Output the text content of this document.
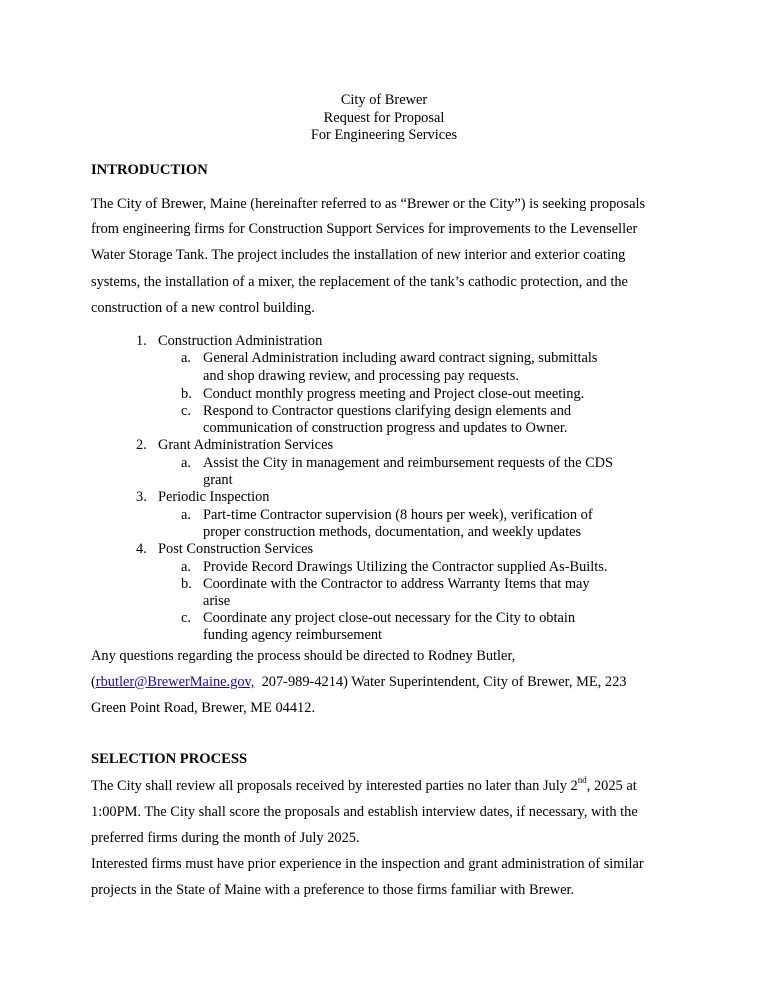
City of Brewer
Request for Proposal
For Engineering Services
INTRODUCTION
The City of Brewer, Maine (hereinafter referred to as “Brewer or the City”) is seeking proposals
from engineering firms for Construction Support Services for improvements to the Levenseller
Water Storage Tank. The project includes the installation of new interior and exterior coating
systems, the installation of a mixer, the replacement of the tank’s cathodic protection, and the
construction of a new control building.
1. Construction Administration
a. General Administration including award contract signing, submittals
and shop drawing review, and processing pay requests.
b. Conduct monthly progress meeting and Project close-out meeting.
c. Respond to Contractor questions clarifying design elements and
communication of construction progress and updates to Owner.
2. Grant Administration Services
a. Assist the City in management and reimbursement requests of the CDS
grant
3. Periodic Inspection
a. Part-time Contractor supervision (8 hours per week), verification of
proper construction methods, documentation, and weekly updates
4. Post Construction Services
a. Provide Record Drawings Utilizing the Contractor supplied As-Builts.
b. Coordinate with the Contractor to address Warranty Items that may
arise
c. Coordinate any project close-out necessary for the City to obtain
funding agency reimbursement
Any questions regarding the process should be directed to Rodney Butler,
(rbutler@BrewerMaine.gov,  207-989-4214) Water Superintendent, City of Brewer, ME, 223
Green Point Road, Brewer, ME 04412.
SELECTION PROCESS
The City shall review all proposals received by interested parties no later than July 2nd, 2025 at
1:00PM. The City shall score the proposals and establish interview dates, if necessary, with the
preferred firms during the month of July 2025.
Interested firms must have prior experience in the inspection and grant administration of similar
projects in the State of Maine with a preference to those firms familiar with Brewer.
